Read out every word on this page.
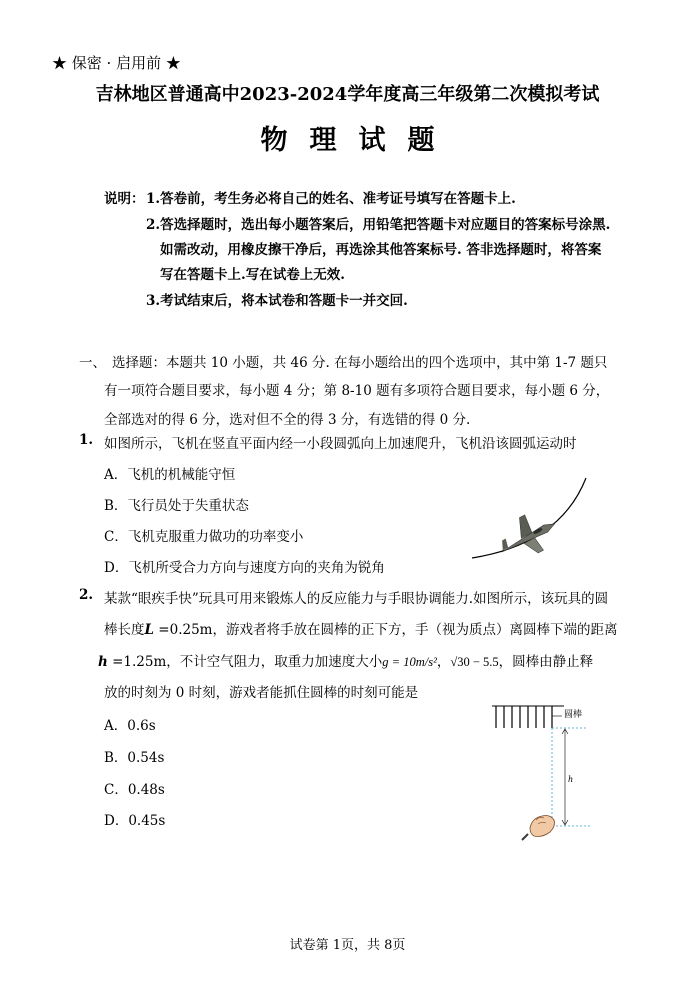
★ 保密 · 启用前 ★
吉林地区普通高中2023-2024学年度高三年级第二次模拟考试
物理试题
说明： 1.答卷前，考生务必将自己的姓名、准考证号填写在答题卡上.
2.答选择题时，选出每小题答案后，用铅笔把答题卡对应题目的答案标号涂黑.
如需改动，用橡皮擦干净后，再选涂其他答案标号. 答非选择题时，将答案
写在答题卡上.写在试卷上无效.
3.考试结束后，将本试卷和答题卡一并交回.
一、 选择题：本题共 10 小题，共 46 分. 在每小题给出的四个选项中，其中第 1-7 题只
有一项符合题目要求，每小题 4 分；第 8-10 题有多项符合题目要求，每小题 6 分，
全部选对的得 6 分，选对但不全的得 3 分，有选错的得 0 分.
1. 如图所示，飞机在竖直平面内经一小段圆弧向上加速爬升，飞机沿该圆弧运动时
A．飞机的机械能守恒
B．飞行员处于失重状态
C．飞机克服重力做功的功率变小
D．飞机所受合力方向与速度方向的夹角为锐角
2. 某款“眼疾手快”玩具可用来锻炼人的反应能力与手眼协调能力.如图所示，该玩具的圆
棒长度L =0.25m，游戏者将手放在圆棒的正下方，手（视为质点）离圆棒下端的距离
h =1.25m，不计空气阻力，取重力加速度大小g = 10m/s²，√30 − 5.5，圆棒由静止释
放的时刻为 0 时刻，游戏者能抓住圆棒的时刻可能是
A．0.6s
B．0.54s
C．0.48s
D．0.45s
圆棒
h
试卷第 1页，共 8页
